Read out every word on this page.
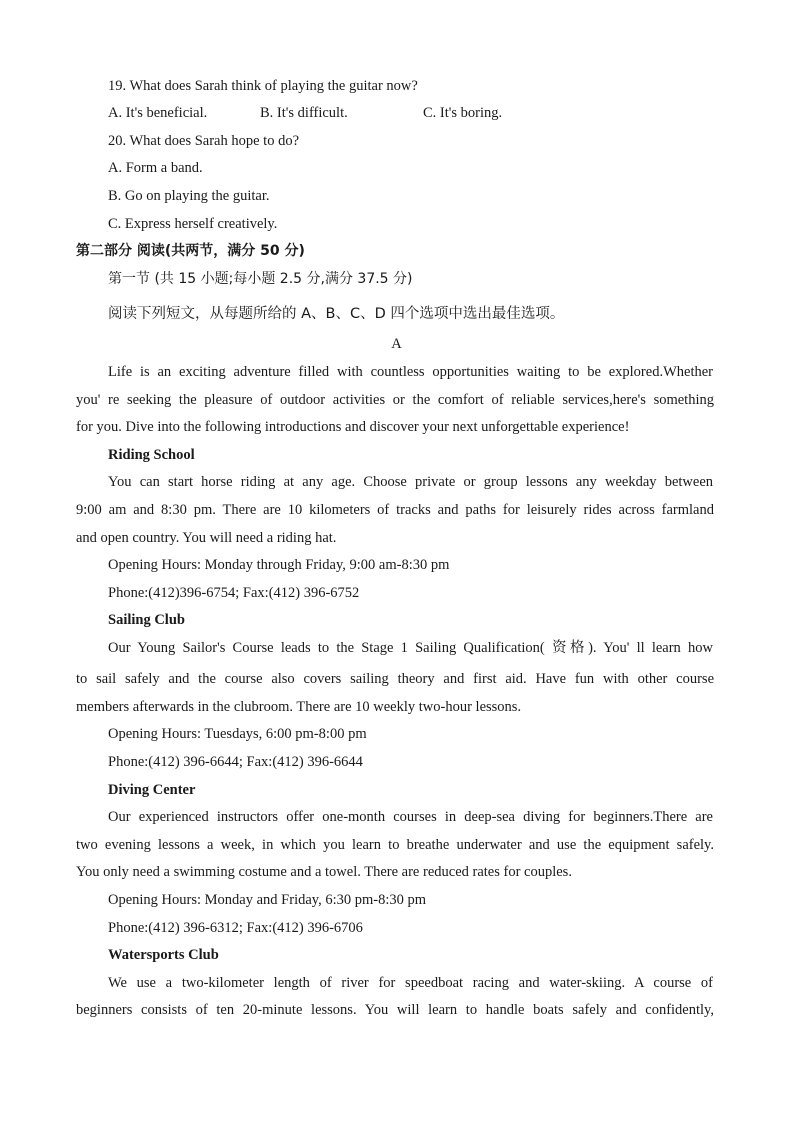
19. What does Sarah think of playing the guitar now?
A. It's beneficial.	B. It's difficult.	C. It's boring.
20. What does Sarah hope to do?
A. Form a band.
B. Go on playing the guitar.
C. Express herself creatively.
第二部分 阅读(共两节，满分 50 分)
第一节 (共 15 小题;每小题 2.5 分,满分 37.5 分)
阅读下列短文，从每题所给的 A、B、C、D 四个选项中选出最佳选项。
A
Life is an exciting adventure filled with countless opportunities waiting to be explored.Whether
you' re seeking the pleasure of outdoor activities or the comfort of reliable services,here's something
for you. Dive into the following introductions and discover your next unforgettable experience!
Riding School
You can start horse riding at any age. Choose private or group lessons any weekday between
9:00 am and 8:30 pm. There are 10 kilometers of tracks and paths for leisurely rides across farmland
and open country. You will need a riding hat.
Opening Hours: Monday through Friday, 9:00 am-8:30 pm
Phone:(412)396-6754; Fax:(412) 396-6752
Sailing Club
Our Young Sailor's Course leads to the Stage 1 Sailing Qualification( 资格). You' ll learn how
to sail safely and the course also covers sailing theory and first aid. Have fun with other course
members afterwards in the clubroom. There are 10 weekly two-hour lessons.
Opening Hours: Tuesdays, 6:00 pm-8:00 pm
Phone:(412) 396-6644; Fax:(412) 396-6644
Diving Center
Our experienced instructors offer one-month courses in deep-sea diving for beginners.There are
two evening lessons a week, in which you learn to breathe underwater and use the equipment safely.
You only need a swimming costume and a towel. There are reduced rates for couples.
Opening Hours: Monday and Friday, 6:30 pm-8:30 pm
Phone:(412) 396-6312; Fax:(412) 396-6706
Watersports Club
We use a two-kilometer length of river for speedboat racing and water-skiing. A course of
beginners consists of ten 20-minute lessons. You will learn to handle boats safely and confidently,
